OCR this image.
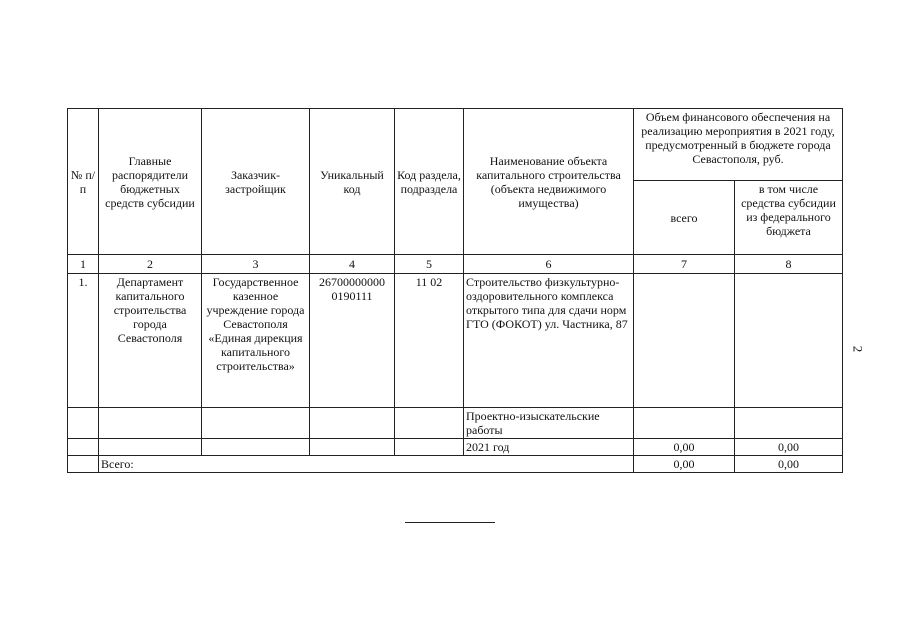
№ п/п	Главные распорядители бюджетных средств субсидии	Заказчик-застройщик	Уникальный код	Код раздела, подраздела	Наименование объекта капитального строительства (объекта недвижимого имущества)	Объем финансового обеспечения на реализацию мероприятия в 2021 году, предусмотренный в бюджете города Севастополя, руб.	
						всего	в том числе средства субсидии из федерального бюджета
1	2	3	4	5	6	7	8
1.	Департамент капитального строительства города Севастополя	Государственное казенное учреждение города Севастополя «Единая дирекция капитального строительства»	26700000000 0190111	11 02	Строительство физкультурно-оздоровительного комплекса открытого типа для сдачи норм ГТО (ФОКОТ) ул. Частника, 87		
					Проектно-изыскательские работы		
					2021 год	0,00	0,00
	Всего:					0,00	0,00
2
